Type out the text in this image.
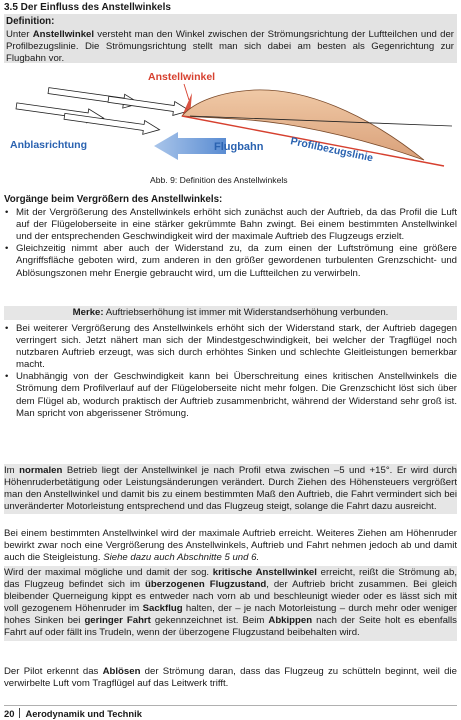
3.5 Der Einfluss des Anstellwinkels
Definition:
Unter Anstellwinkel versteht man den Winkel zwischen der Strömungsrichtung der Luftteilchen und der Profilbezugslinie. Die Strömungsrichtung stellt man sich dabei am besten als Gegenrichtung zur Flugbahn vor.
Anstellwinkel
Anblasrichtung	Flugbahn Profilbezugslinie
Abb. 9: Definition des Anstellwinkels
Vorgänge beim Vergrößern des Anstellwinkels:
• Mit der Vergrößerung des Anstellwinkels erhöht sich zunächst auch der Auftrieb, da das Profil die Luft auf der Flügeloberseite in eine stärker gekrümmte Bahn zwingt. Bei einem bestimmten Anstellwinkel und der entsprechenden Geschwindigkeit wird der maximale Auftrieb des Flugzeugs erzielt.
• Gleichzeitig nimmt aber auch der Widerstand zu, da zum einen der Luftströmung eine größere Angriffsfläche geboten wird, zum anderen in den größer gewordenen turbulenten Grenzschicht- und Ablösungszonen mehr Energie gebraucht wird, um die Luftteilchen zu verwirbeln.
Merke: Auftriebserhöhung ist immer mit Widerstandserhöhung verbunden.
• Bei weiterer Vergrößerung des Anstellwinkels erhöht sich der Widerstand stark, der Auftrieb dagegen verringert sich. Jetzt nähert man sich der Mindestgeschwindigkeit, bei welcher der Tragflügel noch nutzbaren Auftrieb erzeugt, was sich durch erhöhtes Sinken und schlechte Gleitleistungen bemerkbar macht.
• Unabhängig von der Geschwindigkeit kann bei Überschreitung eines kritischen Anstellwinkels die Strömung dem Profilverlauf auf der Flügeloberseite nicht mehr folgen. Die Grenzschicht löst sich über dem Flügel ab, wodurch praktisch der Auftrieb zusammenbricht, während der Widerstand sehr groß ist. Man spricht von abgerissener Strömung.

Im normalen Betrieb liegt der Anstellwinkel je nach Profil etwa zwischen –5 und +15°. Er wird durch Höhenruderbetätigung oder Leistungsänderungen verändert. Durch Ziehen des Höhensteuers vergrößert man den Anstellwinkel und damit bis zu einem bestimmten Maß den Auftrieb, die Fahrt vermindert sich bei unveränderter Motorleistung entsprechend und das Flugzeug steigt, solange die Fahrt dazu ausreicht.

Bei einem bestimmten Anstellwinkel wird der maximale Auftrieb erreicht. Weiteres Ziehen am Höhenruder bewirkt zwar noch eine Vergrößerung des Anstellwinkels, Auftrieb und Fahrt nehmen jedoch ab und damit auch die Steigleistung. Siehe dazu auch Abschnitte 5 und 6.

Wird der maximal mögliche und damit der sog. kritische Anstellwinkel erreicht, reißt die Strömung ab, das Flugzeug befindet sich im überzogenen Flugzustand, der Auftrieb bricht zusammen. Bei gleich bleibender Querneigung kippt es entweder nach vorn ab und beschleunigt wieder oder es lässt sich mit voll gezogenem Höhenruder im Sackflug halten, der – je nach Motorleistung – durch mehr oder weniger hohes Sinken bei geringer Fahrt gekennzeichnet ist. Beim Abkippen nach der Seite holt es ebenfalls Fahrt auf oder fällt ins Trudeln, wenn der überzogene Flugzustand beibehalten wird.

Der Pilot erkennt das Ablösen der Strömung daran, dass das Flugzeug zu schütteln beginnt, weil die verwirbelte Luft vom Tragflügel auf das Leitwerk trifft.

20 Aerodynamik und Technik
